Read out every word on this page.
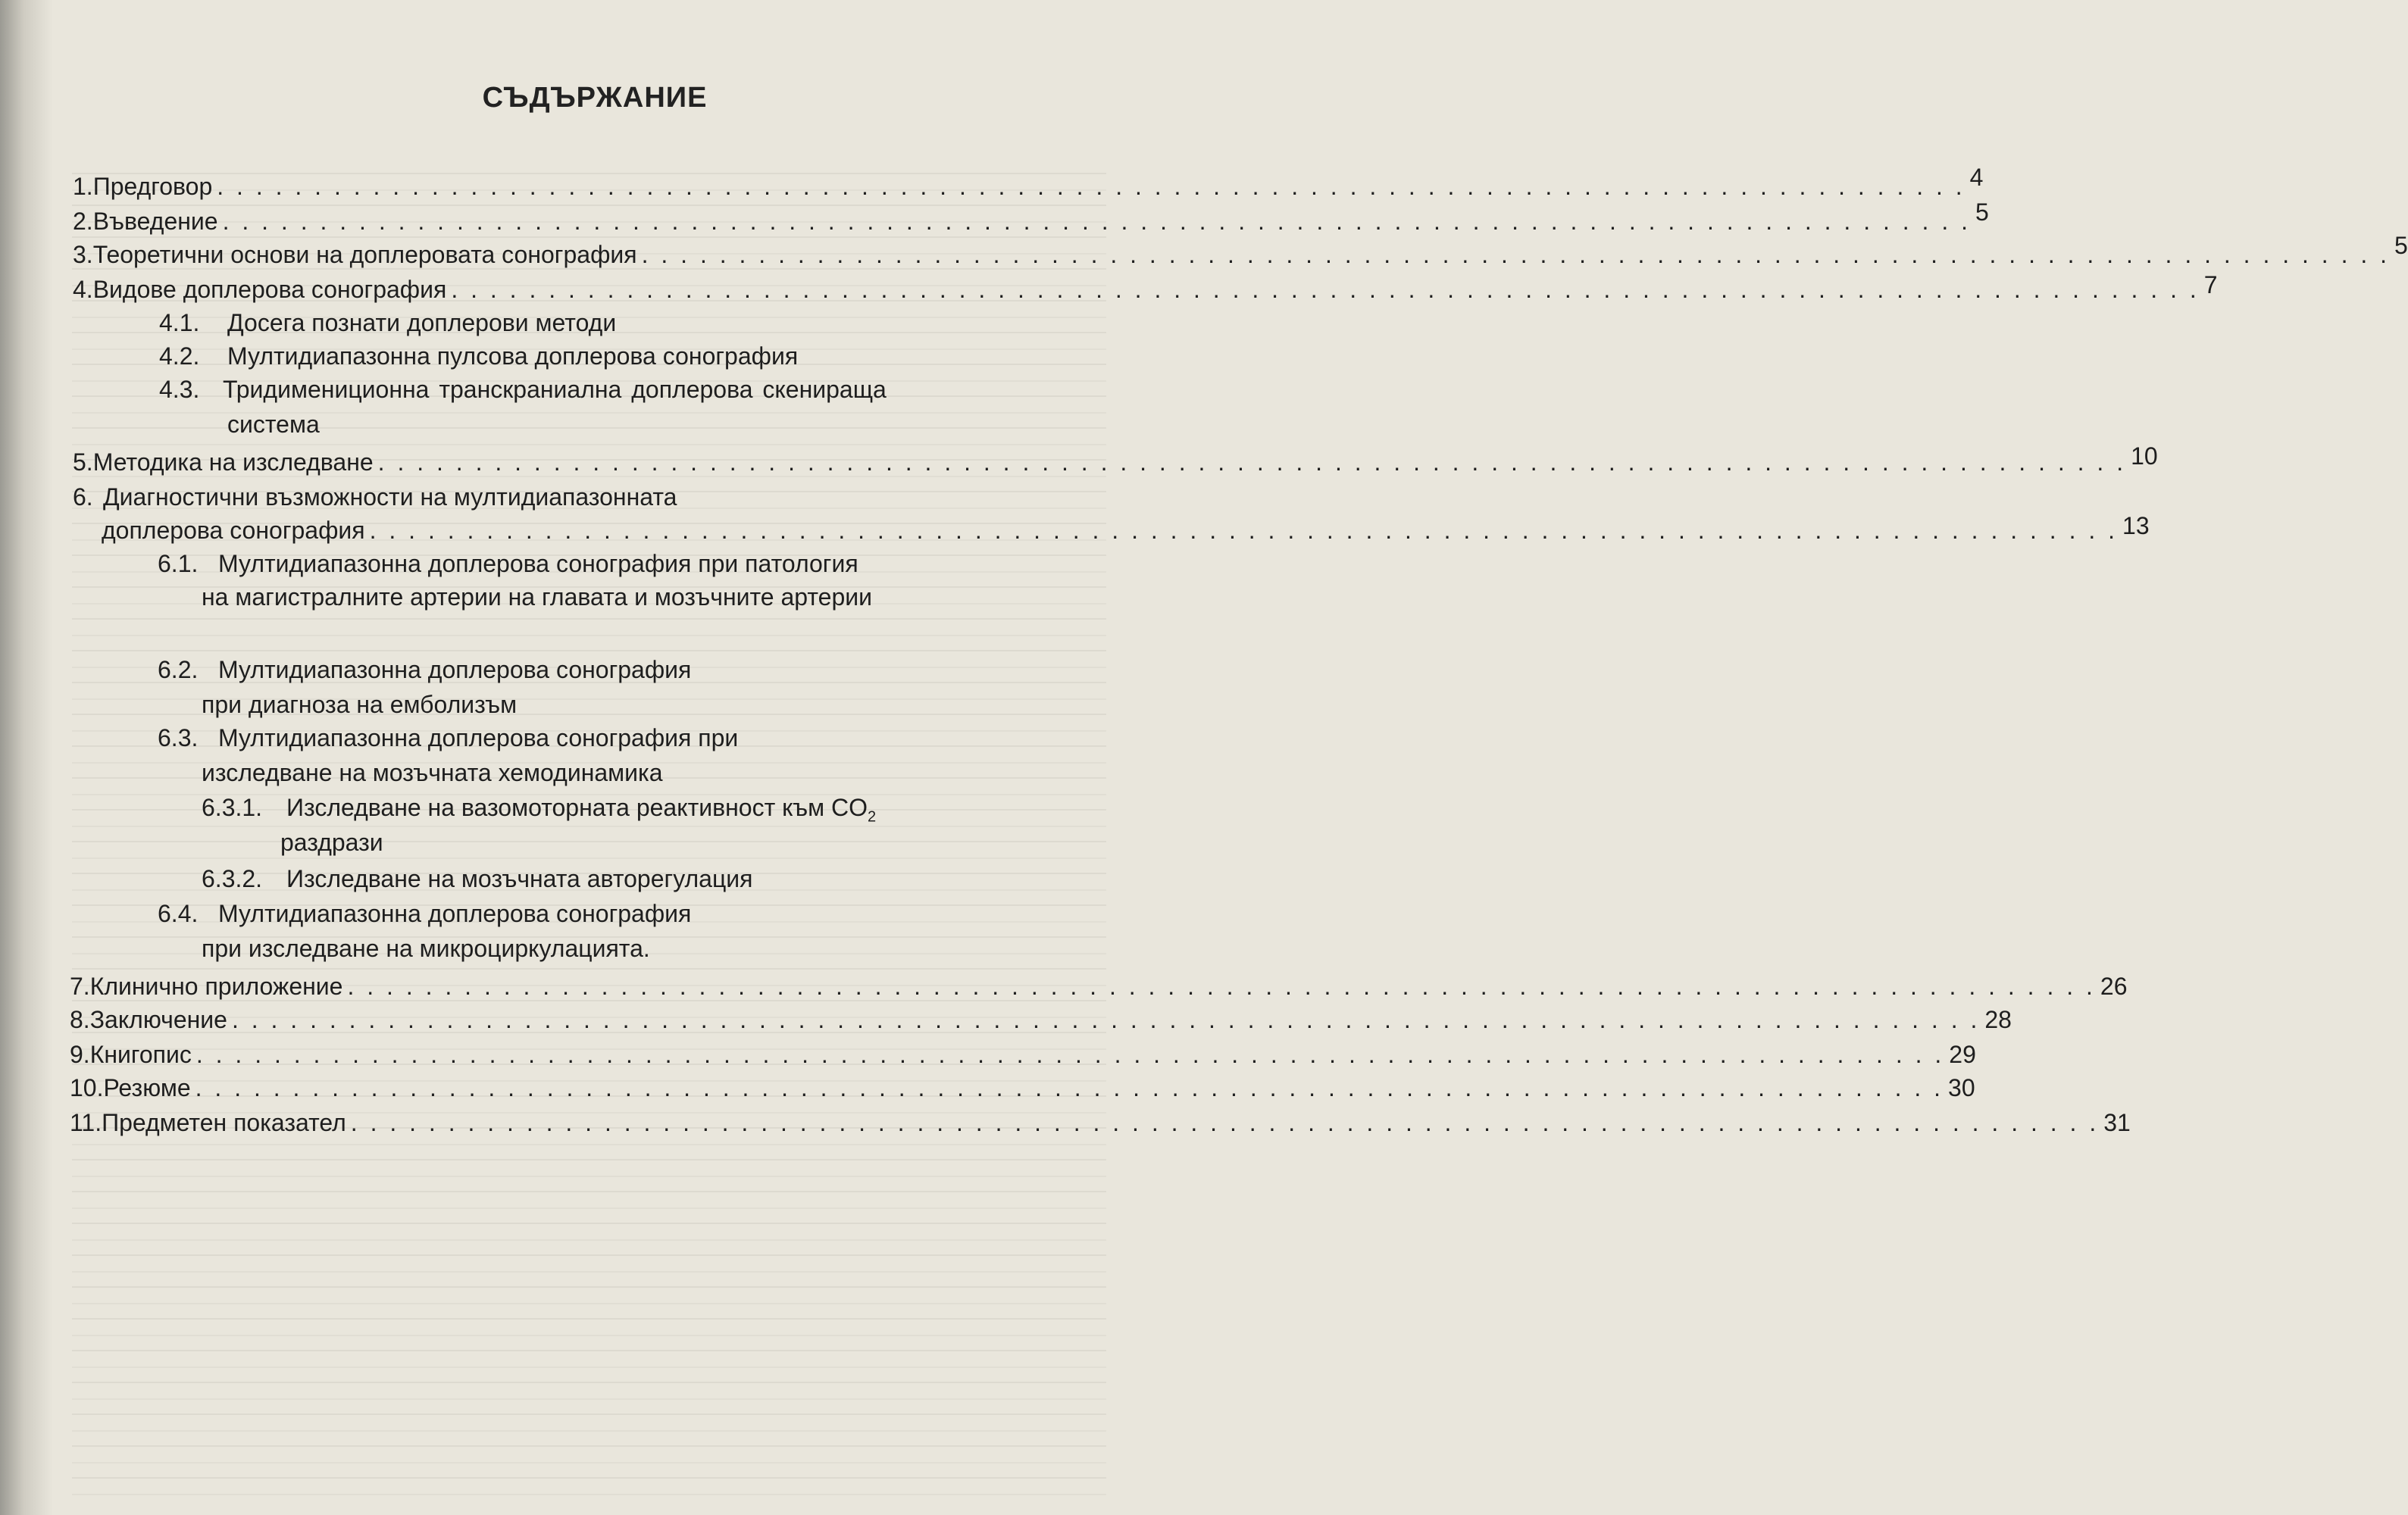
СЪДЪРЖАНИЕ
1. Предговор . . . . . . . . . . . . . . . . . . . . . . . . . . . . . . . . . . . . . . . . . . . . . . . . . . . . . . . . . . . . . . . . . . . . . . . . . . . . . . . . . . . . . . . . . . 4
2. Въведение . . . . . . . . . . . . . . . . . . . . . . . . . . . . . . . . . . . . . . . . . . . . . . . . . . . . . . . . . . . . . . . . . . . . . . . . . . . . . . . . . . . . . . . . . . 5
3. Теоретични основи на доплеровата сонография . . . . . . . . . . . . . . . . . . . . . . . . . . . . . . . . . . . . . . . . . . . . . . . . . . . . . . . . . . . . . . . . . . . . . . . . . . . . . . . . . . . . . . . . . . 5
4. Видове доплерова сонография . . . . . . . . . . . . . . . . . . . . . . . . . . . . . . . . . . . . . . . . . . . . . . . . . . . . . . . . . . . . . . . . . . . . . . . . . . . . . . . . . . . . . . . . . . 7
4.1. Досега познати доплерови методи
4.2. Мултидиапазонна пулсова доплерова сонография
4.3. Тридимениционна транскраниална доплерова скенираща
система
5. Методика на изследване . . . . . . . . . . . . . . . . . . . . . . . . . . . . . . . . . . . . . . . . . . . . . . . . . . . . . . . . . . . . . . . . . . . . . . . . . . . . . . . . . . . . . . . . . . 10
6. Диагностични възможности на мултидиапазонната
доплерова сонография . . . . . . . . . . . . . . . . . . . . . . . . . . . . . . . . . . . . . . . . . . . . . . . . . . . . . . . . . . . . . . . . . . . . . . . . . . . . . . . . . . . . . . . . . . 13
6.1. Мултидиапазонна доплерова сонография при патология
на магистралните артерии на главата и мозъчните артерии
6.2. Мултидиапазонна доплерова сонография
при диагноза на емболизъм
6.3. Мултидиапазонна доплерова сонография при
изследване на мозъчната хемодинамика
6.3.1. Изследване на вазомоторната реактивност към $CO_2$
раздрази
6.3.2. Изследване на мозъчната авторегулация
6.4. Мултидиапазонна доплерова сонография
при изследване на микроциркулацията.
7. Клинично приложение . . . . . . . . . . . . . . . . . . . . . . . . . . . . . . . . . . . . . . . . . . . . . . . . . . . . . . . . . . . . . . . . . . . . . . . . . . . . . . . . . . . . . . . . . . 26
8. Заключение . . . . . . . . . . . . . . . . . . . . . . . . . . . . . . . . . . . . . . . . . . . . . . . . . . . . . . . . . . . . . . . . . . . . . . . . . . . . . . . . . . . . . . . . . . 28
9. Книгопис . . . . . . . . . . . . . . . . . . . . . . . . . . . . . . . . . . . . . . . . . . . . . . . . . . . . . . . . . . . . . . . . . . . . . . . . . . . . . . . . . . . . . . . . . . 29
10. Резюме . . . . . . . . . . . . . . . . . . . . . . . . . . . . . . . . . . . . . . . . . . . . . . . . . . . . . . . . . . . . . . . . . . . . . . . . . . . . . . . . . . . . . . . . . . 30
11. Предметен показател . . . . . . . . . . . . . . . . . . . . . . . . . . . . . . . . . . . . . . . . . . . . . . . . . . . . . . . . . . . . . . . . . . . . . . . . . . . . . . . . . . . . . . . . . . 31
